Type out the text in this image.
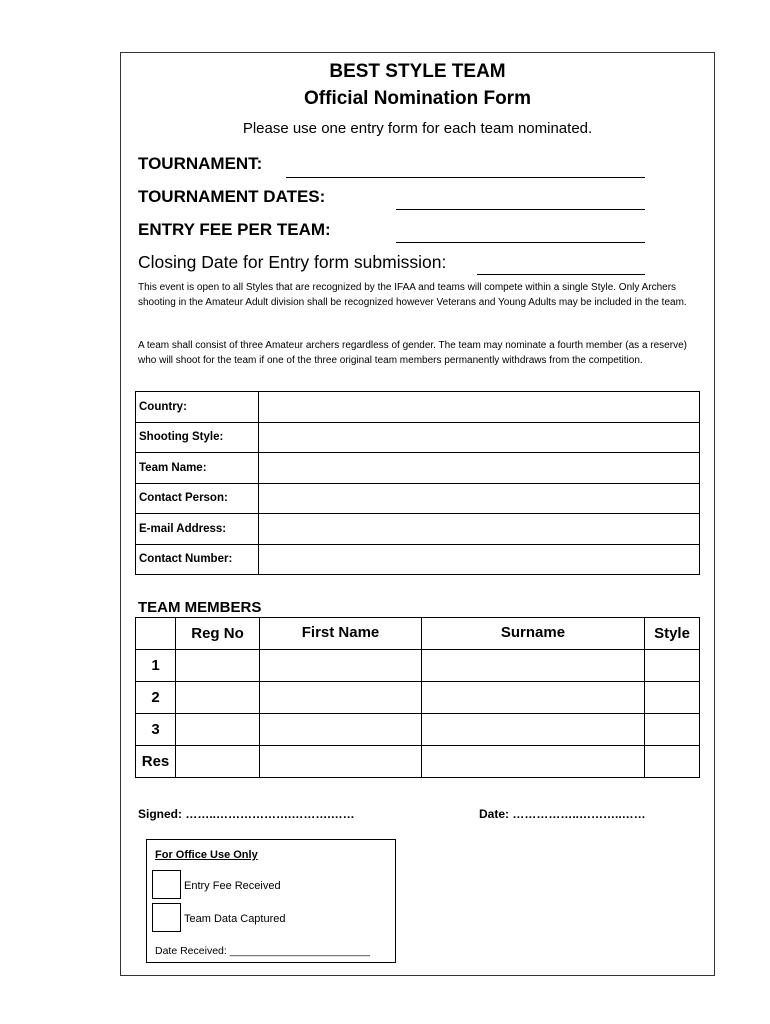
BEST STYLE TEAM
Official Nomination Form
Please use one entry form for each team nominated.
TOURNAMENT:
TOURNAMENT DATES:
ENTRY FEE PER TEAM:
Closing Date for Entry form submission:
This event is open to all Styles that are recognized by the IFAA and teams will compete within a single Style. Only Archers shooting in the Amateur Adult division shall be recognized however Veterans and Young Adults may be included in the team.
A team shall consist of three Amateur archers regardless of gender. The team may nominate a fourth member (as a reserve) who will shoot for the team if one of the three original team members permanently withdraws from the competition.
TEAM MEMBERS
Signed: ……..……………….……….……	Date: ……………..………..……
For Office Use Only
Entry Fee Received
Team Data Captured
Date Received: ________________________
Country:	
Shooting Style:	
Team Name:	
Contact Person:	
E-mail Address:	
Contact Number:	
	Reg No	First Name	Surname	Style
1				
2				
3				
Res				
